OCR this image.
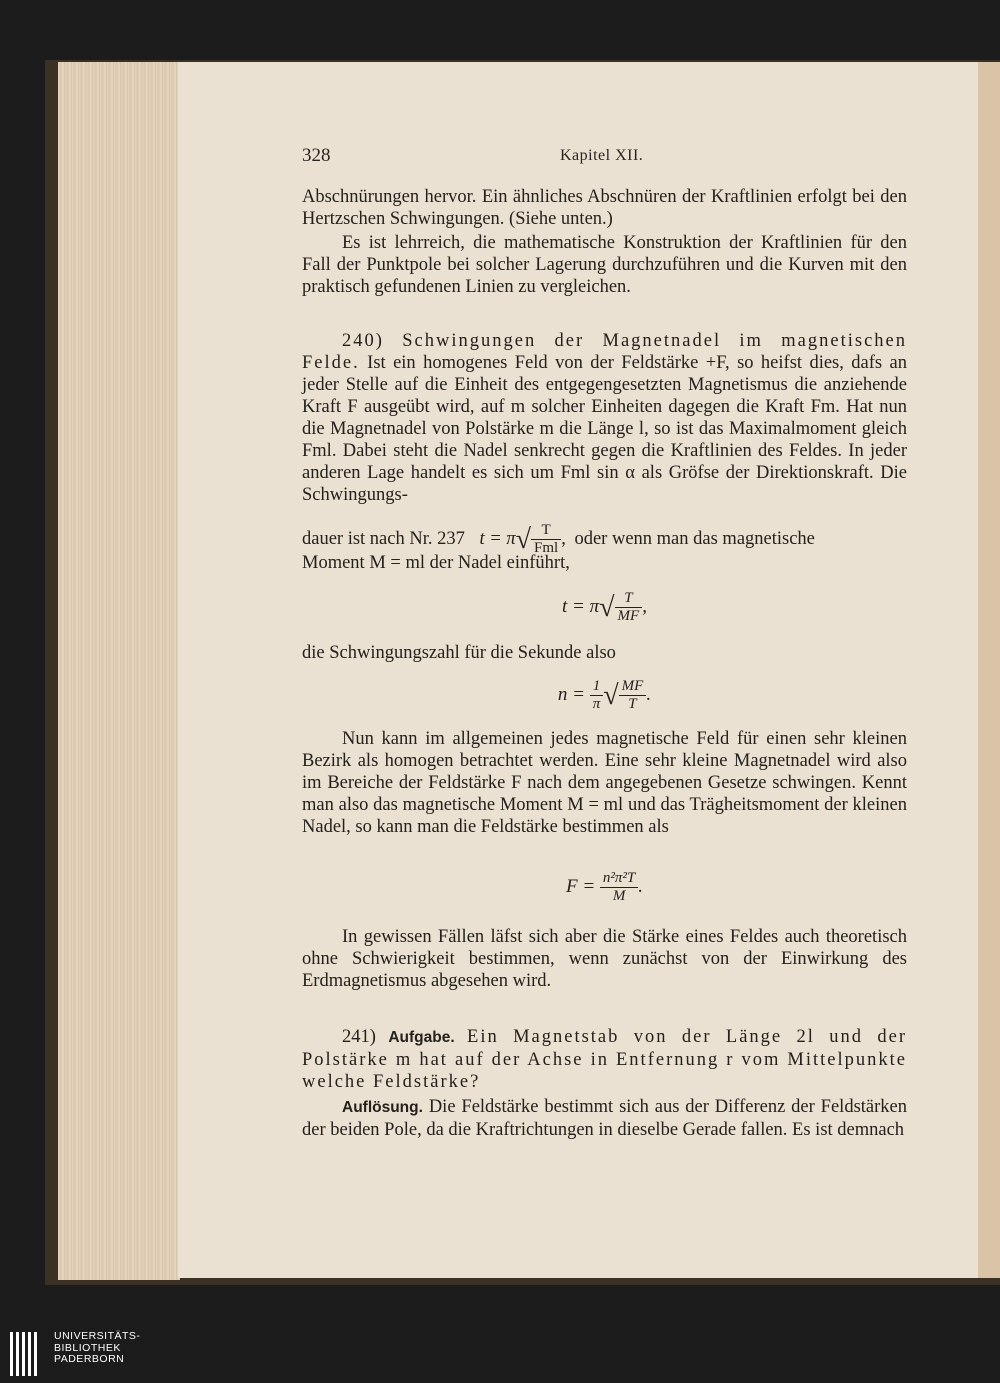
328	Kapitel XII.

Abschnürungen hervor. Ein ähnliches Abschnüren der Kraftlinien erfolgt bei den Hertzschen Schwingungen. (Siehe unten.)

Es ist lehrreich, die mathematische Konstruktion der Kraftlinien für den Fall der Punktpole bei solcher Lagerung durchzuführen und die Kurven mit den praktisch gefundenen Linien zu vergleichen.

240) Schwingungen der Magnetnadel im magnetischen Felde. Ist ein homogenes Feld von der Feldstärke +F, so heifst dies, dafs an jeder Stelle auf die Einheit des entgegengesetzten Magnetismus die anziehende Kraft F ausgeübt wird, auf m solcher Einheiten dagegen die Kraft Fm. Hat nun die Magnetnadel von Polstärke m die Länge l, so ist das Maximalmoment gleich Fml. Dabei steht die Nadel senkrecht gegen die Kraftlinien des Feldes. In jeder anderen Lage handelt es sich um Fml sin α als Gröfse der Direktionskraft. Die Schwingungs-

dauer ist nach Nr. 237 $t = \pi√ \frac{T}{\text{Fml}}$ , oder wenn man das magnetische

Moment M = ml der Nadel einführt,

$t = \pi√ \frac{T}{MF}$ ,

die Schwingungszahl für die Sekunde also

$n = \frac{1}{\pi}$ √ $\frac{MF}{T}$ .

Nun kann im allgemeinen jedes magnetische Feld für einen sehr kleinen Bezirk als homogen betrachtet werden. Eine sehr kleine Magnetnadel wird also im Bereiche der Feldstärke F nach dem angegebenen Gesetze schwingen. Kennt man also das magnetische Moment M = ml und das Trägheitsmoment der kleinen Nadel, so kann man die Feldstärke bestimmen als

$F = \frac{\text{n²π²T}}{M}$ .

In gewissen Fällen läfst sich aber die Stärke eines Feldes auch theoretisch ohne Schwierigkeit bestimmen, wenn zunächst von der Einwirkung des Erdmagnetismus abgesehen wird.

241) Aufgabe. Ein Magnetstab von der Länge 2l und der Polstärke m hat auf der Achse in Entfernung r vom Mittelpunkte welche Feldstärke?

Auflösung. Die Feldstärke bestimmt sich aus der Differenz der Feldstärken der beiden Pole, da die Kraftrichtungen in dieselbe Gerade fallen. Es ist demnach

UNIVERSITÄTS-
BIBLIOTHEK
PADERBORN
